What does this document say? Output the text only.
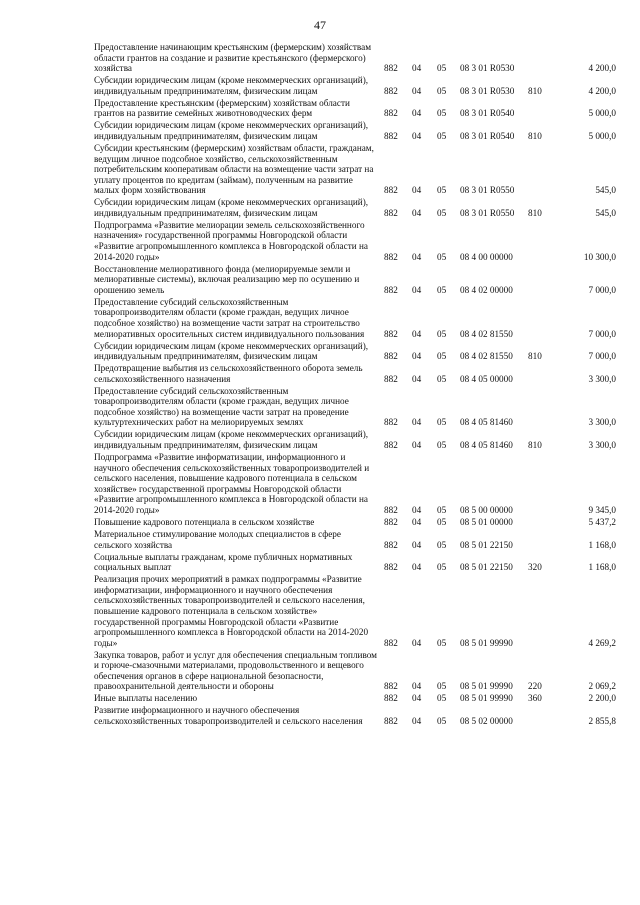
47
Предоставление начинающим крестьянским (фермерским) хозяйствам области грантов на создание и развитие крестьянского (фермерского) хозяйства	882 04 05 08 3 01 R0530	4 200,0
Субсидии юридическим лицам (кроме некоммерческих организаций), индивидуальным предпринимателям, физическим лицам	882 04 05 08 3 01 R0530 810	4 200,0
Предоставление крестьянским (фермерским) хозяйствам области грантов на развитие семейных животноводческих ферм	882 04 05 08 3 01 R0540	5 000,0
Субсидии юридическим лицам (кроме некоммерческих организаций), индивидуальным предпринимателям, физическим лицам	882 04 05 08 3 01 R0540 810	5 000,0
Субсидии крестьянским (фермерским) хозяйствам области, гражданам, ведущим личное подсобное хозяйство, сельскохозяйственным потребительским кооперативам области на возмещение части затрат на уплату процентов по кредитам (займам), полученным на развитие малых форм хозяйствования	882 04 05 08 3 01 R0550	545,0
Субсидии юридическим лицам (кроме некоммерческих организаций), индивидуальным предпринимателям, физическим лицам	882 04 05 08 3 01 R0550 810	545,0
Подпрограмма «Развитие мелиорации земель сельскохозяйственного назначения» государственной программы Новгородской области «Развитие агропромышленного комплекса в Новгородской области на 2014-2020 годы»	882 04 05 08 4 00 00000	10 300,0
Восстановление мелиоративного фонда (мелиорируемые земли и мелиоративные системы), включая реализацию мер по осушению и орошению земель	882 04 05 08 4 02 00000	7 000,0
Предоставление субсидий сельскохозяйственным товаропроизводителям области (кроме граждан, ведущих личное подсобное хозяйство) на возмещение части затрат на строительство мелиоративных оросительных систем индивидуального пользования	882 04 05 08 4 02 81550	7 000,0
Субсидии юридическим лицам (кроме некоммерческих организаций), индивидуальным предпринимателям, физическим лицам	882 04 05 08 4 02 81550 810	7 000,0
Предотвращение выбытия из сельскохозяйственного оборота земель сельскохозяйственного назначения	882 04 05 08 4 05 00000	3 300,0
Предоставление субсидий сельскохозяйственным товаропроизводителям области (кроме граждан, ведущих личное подсобное хозяйство) на возмещение части затрат на проведение культуртехнических работ на мелиорируемых землях	882 04 05 08 4 05 81460	3 300,0
Субсидии юридическим лицам (кроме некоммерческих организаций), индивидуальным предпринимателям, физическим лицам	882 04 05 08 4 05 81460 810	3 300,0
Подпрограмма «Развитие информатизации, информационного и научного обеспечения сельскохозяйственных товаропроизводителей и сельского населения, повышение кадрового потенциала в сельском хозяйстве» государственной программы Новгородской области «Развитие агропромышленного комплекса в Новгородской области на 2014-2020 годы»	882 04 05 08 5 00 00000	9 345,0
Повышение кадрового потенциала в сельском хозяйстве	882 04 05 08 5 01 00000	5 437,2
Материальное стимулирование молодых специалистов в сфере сельского хозяйства	882 04 05 08 5 01 22150	1 168,0
Социальные выплаты гражданам, кроме публичных нормативных социальных выплат	882 04 05 08 5 01 22150 320	1 168,0
Реализация прочих мероприятий в рамках подпрограммы «Развитие информатизации, информационного и научного обеспечения сельскохозяйственных товаропроизводителей и сельского населения, повышение кадрового потенциала в сельском хозяйстве» государственной программы Новгородской области «Развитие агропромышленного комплекса в Новгородской области на 2014-2020 годы»	882 04 05 08 5 01 99990	4 269,2
Закупка товаров, работ и услуг для обеспечения специальным топливом и горюче-смазочными материалами, продовольственного и вещевого обеспечения органов в сфере национальной безопасности, правоохранительной деятельности и обороны	882 04 05 08 5 01 99990 220	2 069,2
Иные выплаты населению	882 04 05 08 5 01 99990 360	2 200,0
Развитие информационного и научного обеспечения сельскохозяйственных товаропроизводителей и сельского населения	882 04 05 08 5 02 00000	2 855,8
